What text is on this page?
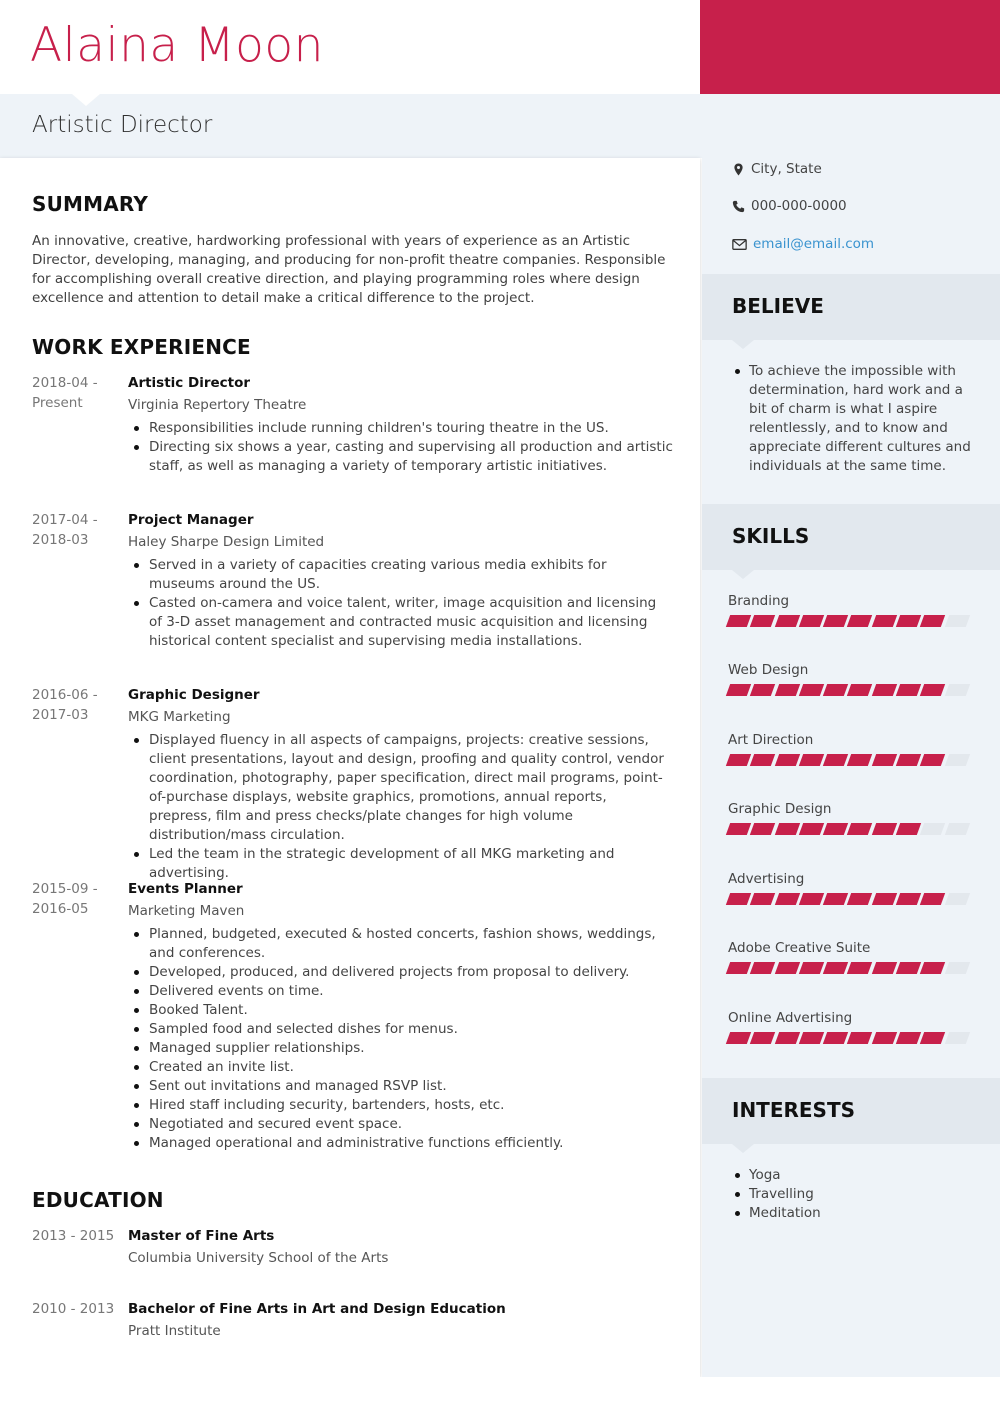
Alaina Moon
Artistic Director
SUMMARY
An innovative, creative, hardworking professional with years of experience as an Artistic Director, developing, managing, and producing for non-profit theatre companies. Responsible for accomplishing overall creative direction, and playing programming roles where design excellence and attention to detail make a critical difference to the project.
WORK EXPERIENCE
2018-04 -
Present
Artistic Director
Virginia Repertory Theatre
Responsibilities include running children's touring theatre in the US.
Directing six shows a year, casting and supervising all production and artistic staff, as well as managing a variety of temporary artistic initiatives.
2017-04 -
2018-03
Project Manager
Haley Sharpe Design Limited
Served in a variety of capacities creating various media exhibits for museums around the US.
Casted on-camera and voice talent, writer, image acquisition and licensing of 3-D asset management and contracted music acquisition and licensing historical content specialist and supervising media installations.
2016-06 -
2017-03
Graphic Designer
MKG Marketing
Displayed fluency in all aspects of campaigns, projects: creative sessions, client presentations, layout and design, proofing and quality control, vendor coordination, photography, paper specification, direct mail programs, point-of-purchase displays, website graphics, promotions, annual reports, prepress, film and press checks/plate changes for high volume distribution/mass circulation.
Led the team in the strategic development of all MKG marketing and advertising.
2015-09 -
2016-05
Events Planner
Marketing Maven
Planned, budgeted, executed & hosted concerts, fashion shows, weddings, and conferences.
Developed, produced, and delivered projects from proposal to delivery.
Delivered events on time.
Booked Talent.
Sampled food and selected dishes for menus.
Managed supplier relationships.
Created an invite list.
Sent out invitations and managed RSVP list.
Hired staff including security, bartenders, hosts, etc.
Negotiated and secured event space.
Managed operational and administrative functions efficiently.
EDUCATION
2013 - 2015	Master of Fine Arts
Columbia University School of the Arts
2010 - 2013	Bachelor of Fine Arts in Art and Design Education
Pratt Institute
City, State
000-000-0000
email@email.com
BELIEVE
To achieve the impossible with determination, hard work and a bit of charm is what I aspire relentlessly, and to know and appreciate different cultures and individuals at the same time.
SKILLS
Branding
Web Design
Art Direction
Graphic Design
Advertising
Adobe Creative Suite
Online Advertising
INTERESTS
Yoga
Travelling
Meditation
